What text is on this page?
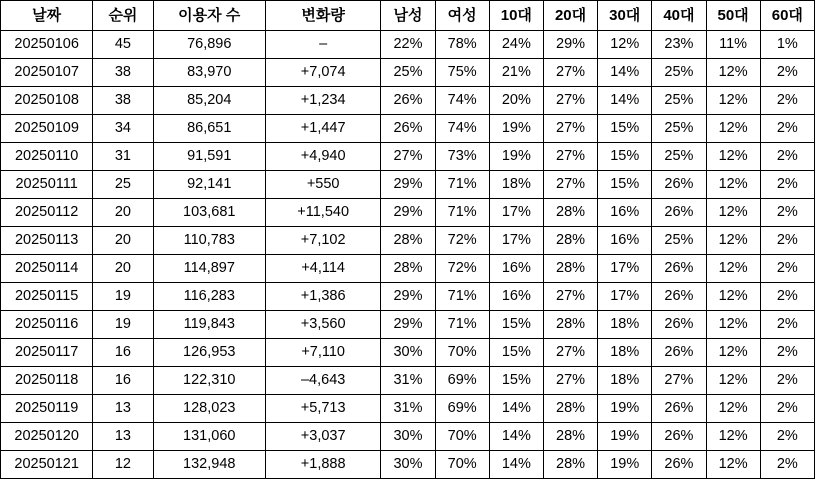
날짜	순위	이용자 수	변화량	남성	여성	10대	20대	30대	40대	50대	60대
20250106	45	76,896	–	22%	78%	24%	29%	12%	23%	11%	1%
20250107	38	83,970	+7,074	25%	75%	21%	27%	14%	25%	12%	2%
20250108	38	85,204	+1,234	26%	74%	20%	27%	14%	25%	12%	2%
20250109	34	86,651	+1,447	26%	74%	19%	27%	15%	25%	12%	2%
20250110	31	91,591	+4,940	27%	73%	19%	27%	15%	25%	12%	2%
20250111	25	92,141	+550	29%	71%	18%	27%	15%	26%	12%	2%
20250112	20	103,681	+11,540	29%	71%	17%	28%	16%	26%	12%	2%
20250113	20	110,783	+7,102	28%	72%	17%	28%	16%	25%	12%	2%
20250114	20	114,897	+4,114	28%	72%	16%	28%	17%	26%	12%	2%
20250115	19	116,283	+1,386	29%	71%	16%	27%	17%	26%	12%	2%
20250116	19	119,843	+3,560	29%	71%	15%	28%	18%	26%	12%	2%
20250117	16	126,953	+7,110	30%	70%	15%	27%	18%	26%	12%	2%
20250118	16	122,310	–4,643	31%	69%	15%	27%	18%	27%	12%	2%
20250119	13	128,023	+5,713	31%	69%	14%	28%	19%	26%	12%	2%
20250120	13	131,060	+3,037	30%	70%	14%	28%	19%	26%	12%	2%
20250121	12	132,948	+1,888	30%	70%	14%	28%	19%	26%	12%	2%
